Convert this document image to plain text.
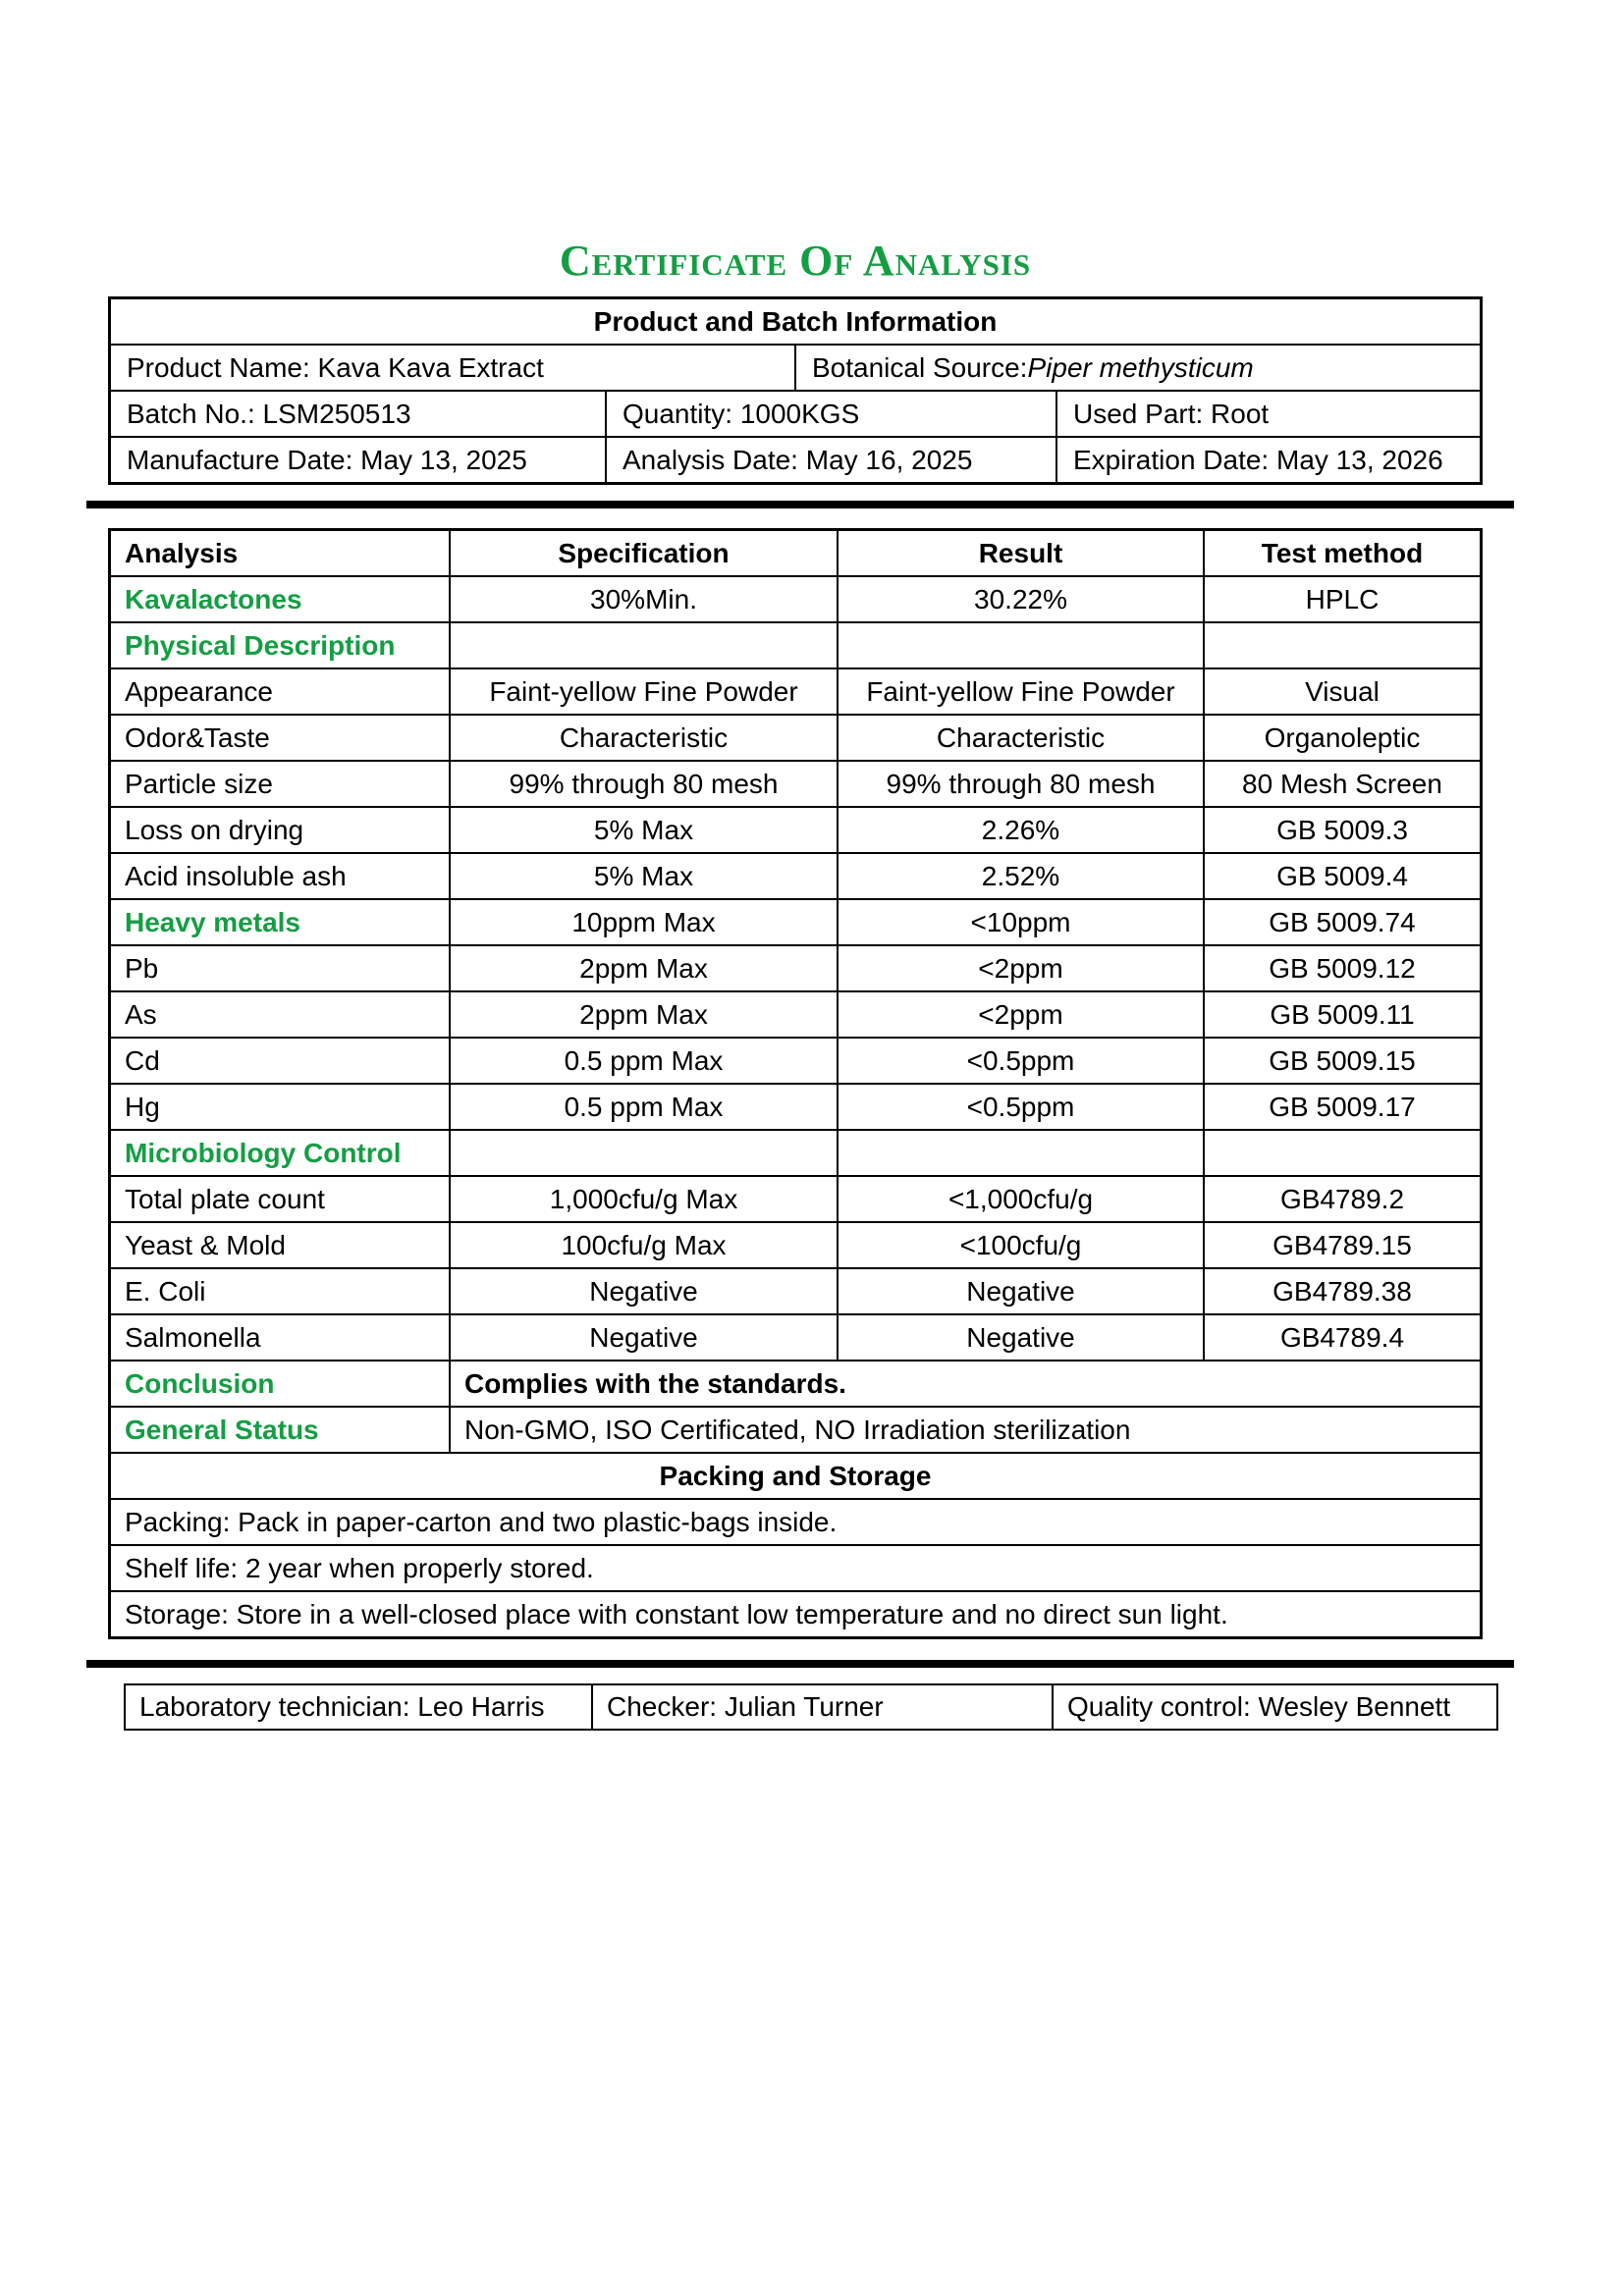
Certificate Of Analysis
Product and Batch Information
Product Name: Kava Kava Extract	Botanical Source: Piper methysticum
Batch No.: LSM250513	Quantity: 1000KGS	Used Part: Root
Manufacture Date: May 13, 2025	Analysis Date: May 16, 2025	Expiration Date: May 13, 2026
Analysis	Specification	Result	Test method
Kavalactones	30%Min.	30.22%	HPLC
Physical Description
Appearance	Faint-yellow Fine Powder	Faint-yellow Fine Powder	Visual
Odor&Taste	Characteristic	Characteristic	Organoleptic
Particle size	99% through 80 mesh	99% through 80 mesh	80 Mesh Screen
Loss on drying	5% Max	2.26%	GB 5009.3
Acid insoluble ash	5% Max	2.52%	GB 5009.4
Heavy metals	10ppm Max	<10ppm	GB 5009.74
Pb	2ppm Max	<2ppm	GB 5009.12
As	2ppm Max	<2ppm	GB 5009.11
Cd	0.5 ppm Max	<0.5ppm	GB 5009.15
Hg	0.5 ppm Max	<0.5ppm	GB 5009.17
Microbiology Control
Total plate count	1,000cfu/g Max	<1,000cfu/g	GB4789.2
Yeast & Mold	100cfu/g Max	<100cfu/g	GB4789.15
E. Coli	Negative	Negative	GB4789.38
Salmonella	Negative	Negative	GB4789.4
Conclusion	Complies with the standards.
General Status	Non-GMO, ISO Certificated, NO Irradiation sterilization
Packing and Storage
Packing: Pack in paper-carton and two plastic-bags inside.
Shelf life: 2 year when properly stored.
Storage: Store in a well-closed place with constant low temperature and no direct sun light.
Laboratory technician: Leo Harris	Checker: Julian Turner	Quality control: Wesley Bennett
